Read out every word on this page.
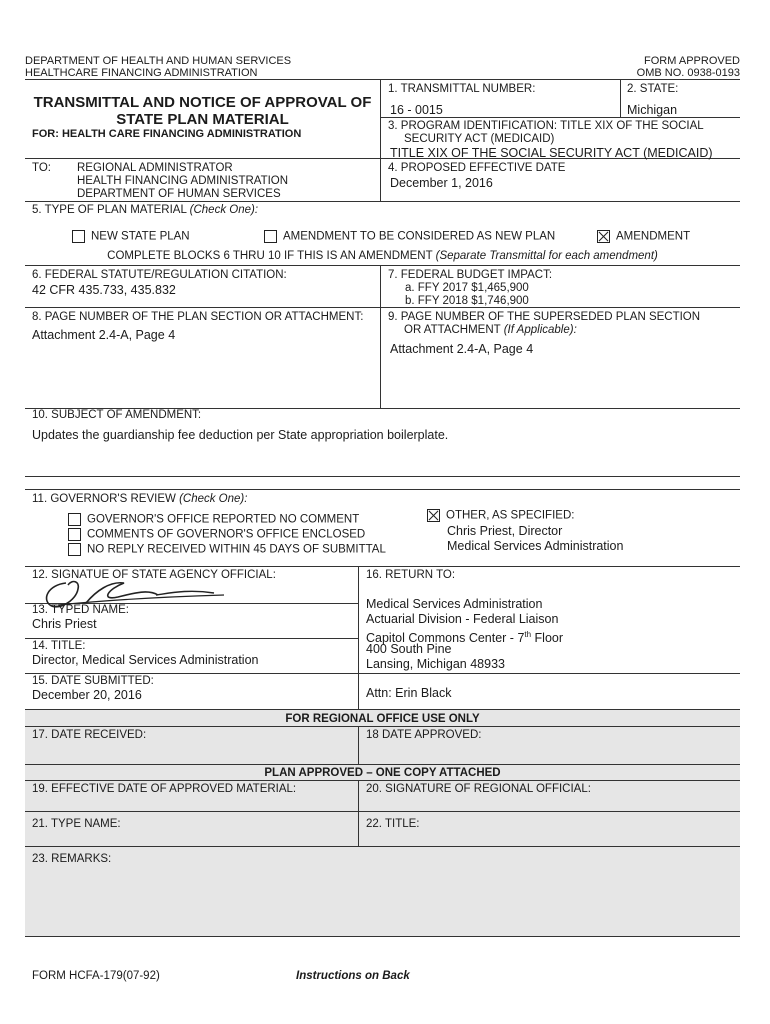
DEPARTMENT OF HEALTH AND HUMAN SERVICES
HEALTHCARE FINANCING ADMINISTRATION
FORM APPROVED
OMB NO. 0938-0193
TRANSMITTAL AND NOTICE OF APPROVAL OF
STATE PLAN MATERIAL
FOR: HEALTH CARE FINANCING ADMINISTRATION
1. TRANSMITTAL NUMBER:
16 - 0015
2. STATE:
Michigan
3. PROGRAM IDENTIFICATION: TITLE XIX OF THE SOCIAL
SECURITY ACT (MEDICAID)
TITLE XIX OF THE SOCIAL SECURITY ACT (MEDICAID)
TO: REGIONAL ADMINISTRATOR
HEALTH FINANCING ADMINISTRATION
DEPARTMENT OF HUMAN SERVICES
4. PROPOSED EFFECTIVE DATE
December 1, 2016
5. TYPE OF PLAN MATERIAL (Check One):
NEW STATE PLAN	AMENDMENT TO BE CONSIDERED AS NEW PLAN	AMENDMENT
COMPLETE BLOCKS 6 THRU 10 IF THIS IS AN AMENDMENT (Separate Transmittal for each amendment)
6. FEDERAL STATUTE/REGULATION CITATION:
42 CFR 435.733, 435.832
7. FEDERAL BUDGET IMPACT:
a. FFY 2017 $1,465,900
b. FFY 2018 $1,746,900
8. PAGE NUMBER OF THE PLAN SECTION OR ATTACHMENT:
Attachment 2.4-A, Page 4
9. PAGE NUMBER OF THE SUPERSEDED PLAN SECTION
OR ATTACHMENT (If Applicable):
Attachment 2.4-A, Page 4
10. SUBJECT OF AMENDMENT:
Updates the guardianship fee deduction per State appropriation boilerplate.
11. GOVERNOR'S REVIEW (Check One):
GOVERNOR'S OFFICE REPORTED NO COMMENT
COMMENTS OF GOVERNOR'S OFFICE ENCLOSED
NO REPLY RECEIVED WITHIN 45 DAYS OF SUBMITTAL
OTHER, AS SPECIFIED:
Chris Priest, Director
Medical Services Administration
12. SIGNATUE OF STATE AGENCY OFFICIAL:
13. TYPED NAME:
Chris Priest
14. TITLE:
Director, Medical Services Administration
15. DATE SUBMITTED:
December 20, 2016
16. RETURN TO:
Medical Services Administration
Actuarial Division - Federal Liaison
Capitol Commons Center - 7th Floor
400 South Pine
Lansing, Michigan 48933
Attn: Erin Black
FOR REGIONAL OFFICE USE ONLY
17. DATE RECEIVED:	18 DATE APPROVED:
PLAN APPROVED – ONE COPY ATTACHED
19. EFFECTIVE DATE OF APPROVED MATERIAL:	20. SIGNATURE OF REGIONAL OFFICIAL:
21. TYPE NAME:	22. TITLE:
23. REMARKS:
FORM HCFA-179(07-92)	Instructions on Back
